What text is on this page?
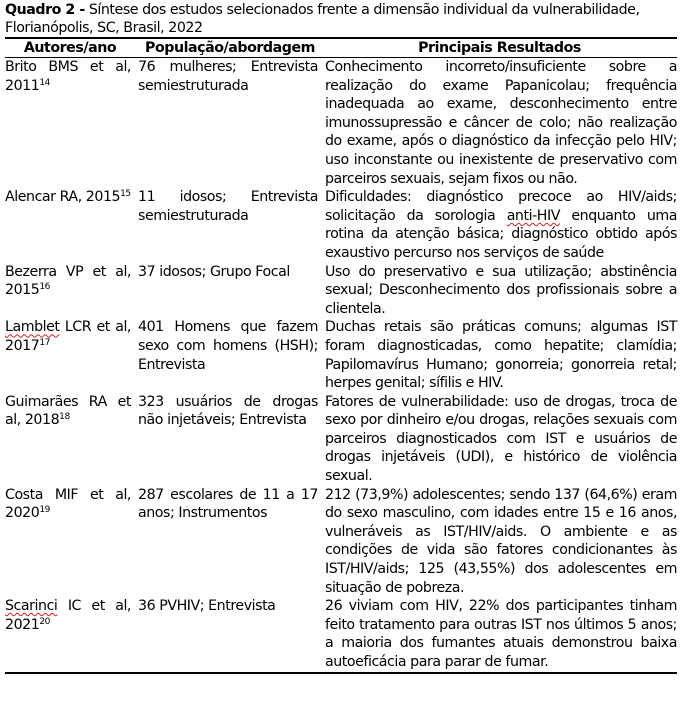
Quadro 2 - Síntese dos estudos selecionados frente a dimensão individual da vulnerabilidade, Florianópolis, SC, Brasil, 2022
Autores/ano	População/abordagem	Principais Resultados
Brito BMS et al, 2011$^{14}$	76 mulheres; Entrevista semiestruturada	Conhecimento incorreto/insuficiente sobre a realização do exame Papanicolau; frequência inadequada ao exame, desconhecimento entre imunossupressão e câncer de colo; não realização do exame, após o diagnóstico da infecção pelo HIV; uso inconstante ou inexistente de preservativo com parceiros sexuais, sejam fixos ou não.
Alencar RA, 2015$^{15}$	11 idosos; Entrevista semiestruturada	Dificuldades: diagnóstico precoce ao HIV/aids; solicitação da sorologia anti-HIV enquanto uma rotina da atenção básica; diagnóstico obtido após exaustivo percurso nos serviços de saúde
Bezerra VP et al, 2015$^{16}$	37 idosos; Grupo Focal	Uso do preservativo e sua utilização; abstinência sexual; Desconhecimento dos profissionais sobre a clientela.
Lamblet LCR et al, 2017$^{17}$	401 Homens que fazem sexo com homens (HSH); Entrevista	Duchas retais são práticas comuns; algumas IST foram diagnosticadas, como hepatite; clamídia; Papilomavírus Humano; gonorreia; gonorreia retal; herpes genital; sífilis e HIV.
Guimarães RA et al, 2018$^{18}$	323 usuários de drogas não injetáveis; Entrevista	Fatores de vulnerabilidade: uso de drogas, troca de sexo por dinheiro e/ou drogas, relações sexuais com parceiros diagnosticados com IST e usuários de drogas injetáveis (UDI), e histórico de violência sexual.
Costa MIF et al, 2020$^{19}$	287 escolares de 11 a 17 anos; Instrumentos	212 (73,9%) adolescentes; sendo 137 (64,6%) eram do sexo masculino, com idades entre 15 e 16 anos, vulneráveis as IST/HIV/aids. O ambiente e as condições de vida são fatores condicionantes às IST/HIV/aids; 125 (43,55%) dos adolescentes em situação de pobreza.
Scarinci IC et al, 2021$^{20}$	36 PVHIV; Entrevista	26 viviam com HIV, 22% dos participantes tinham feito tratamento para outras IST nos últimos 5 anos; a maioria dos fumantes atuais demonstrou baixa autoeficácia para parar de fumar.
